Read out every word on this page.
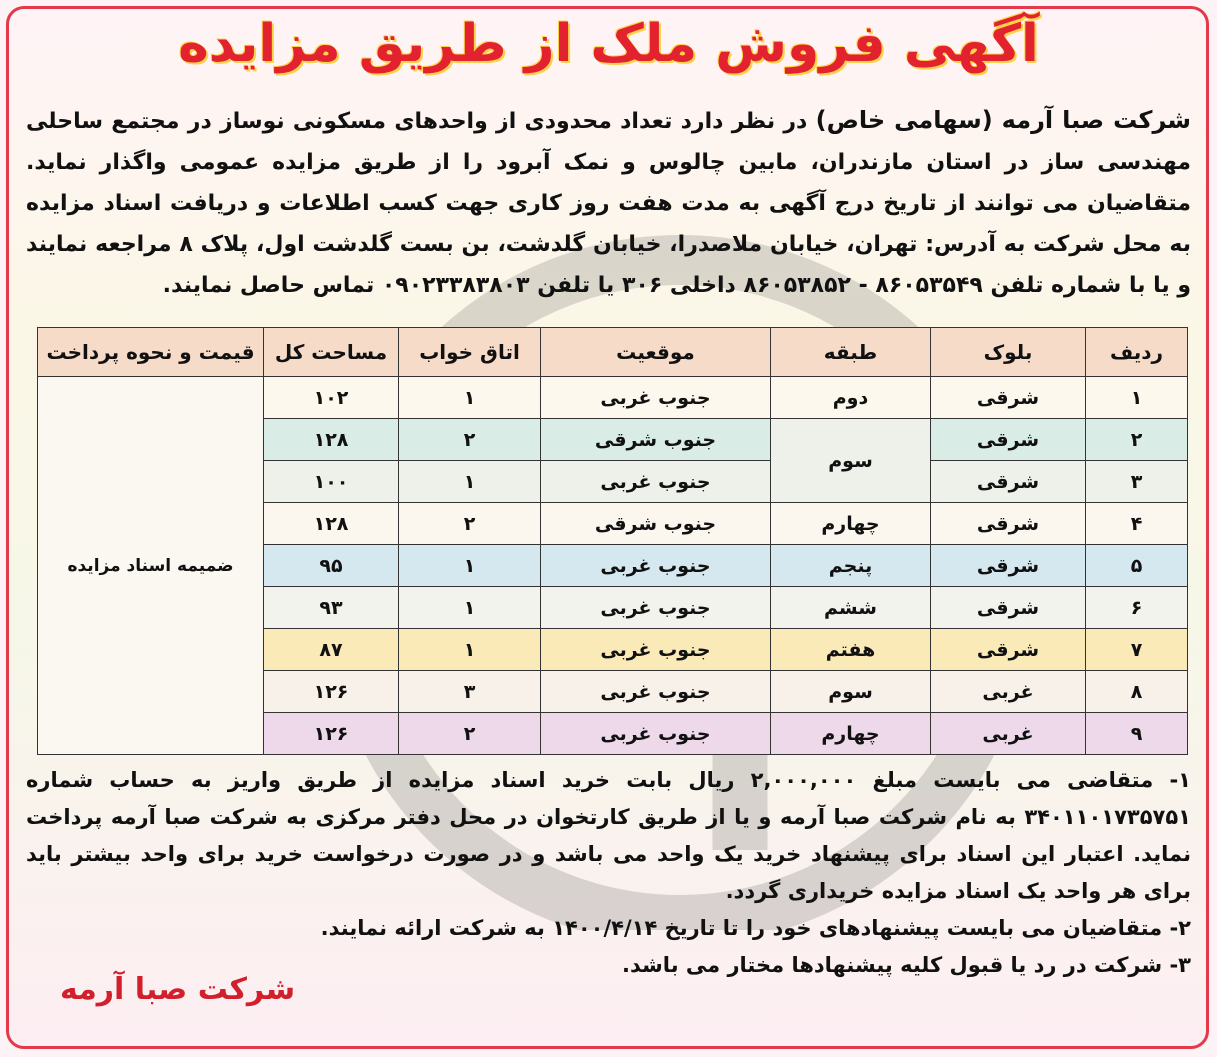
آگهی فروش ملک از طریق مزایده
شرکت صبا آرمه (سهامی خاص) در نظر دارد تعداد محدودی از واحدهای مسکونی نوساز در مجتمع ساحلی مهندسی ساز در استان مازندران، مابین چالوس و نمک آبرود را از طریق مزایده عمومی واگذار نماید. متقاضیان می توانند از تاریخ درج آگهی به مدت هفت روز کاری جهت کسب اطلاعات و دریافت اسناد مزایده به محل شرکت به آدرس: تهران، خیابان ملاصدرا، خیابان گلدشت، بن بست گلدشت اول، پلاک ۸ مراجعه نمایند و یا با شماره تلفن ۸۶۰۵۳۵۴۹ - ۸۶۰۵۳۸۵۲ داخلی ۳۰۶ یا تلفن ۰۹۰۲۳۳۸۳۸۰۳ تماس حاصل نمایند.
ردیف	بلوک	طبقه	موقعیت	اتاق خواب	مساحت کل	قیمت و نحوه پرداخت
۱	شرقی	دوم	جنوب غربی	۱	۱۰۲	ضمیمه اسناد مزایده
۲	شرقی	سوم	جنوب شرقی	۲	۱۲۸	
۳	شرقی		جنوب غربی	۱	۱۰۰	
۴	شرقی	چهارم	جنوب شرقی	۲	۱۲۸	
۵	شرقی	پنجم	جنوب غربی	۱	۹۵	
۶	شرقی	ششم	جنوب غربی	۱	۹۳	
۷	شرقی	هفتم	جنوب غربی	۱	۸۷	
۸	غربی	سوم	جنوب غربی	۳	۱۲۶	
۹	غربی	چهارم	جنوب غربی	۲	۱۲۶	

۱- متقاضی می بایست مبلغ ۲,۰۰۰,۰۰۰ ریال بابت خرید اسناد مزایده از طریق واریز به حساب شماره ۳۴۰۱۱۰۱۷۳۵۷۵۱ به نام شرکت صبا آرمه و یا از طریق کارتخوان در محل دفتر مرکزی به شرکت صبا آرمه پرداخت نماید. اعتبار این اسناد برای پیشنهاد خرید یک واحد می باشد و در صورت درخواست خرید برای واحد بیشتر باید برای هر واحد یک اسناد مزایده خریداری گردد.

۲- متقاضیان می بایست پیشنهادهای خود را تا تاریخ ۱۴۰۰/۴/۱۴ به شرکت ارائه نمایند.

۳- شرکت در رد یا قبول کلیه پیشنهادها مختار می باشد.

شرکت صبا آرمه
